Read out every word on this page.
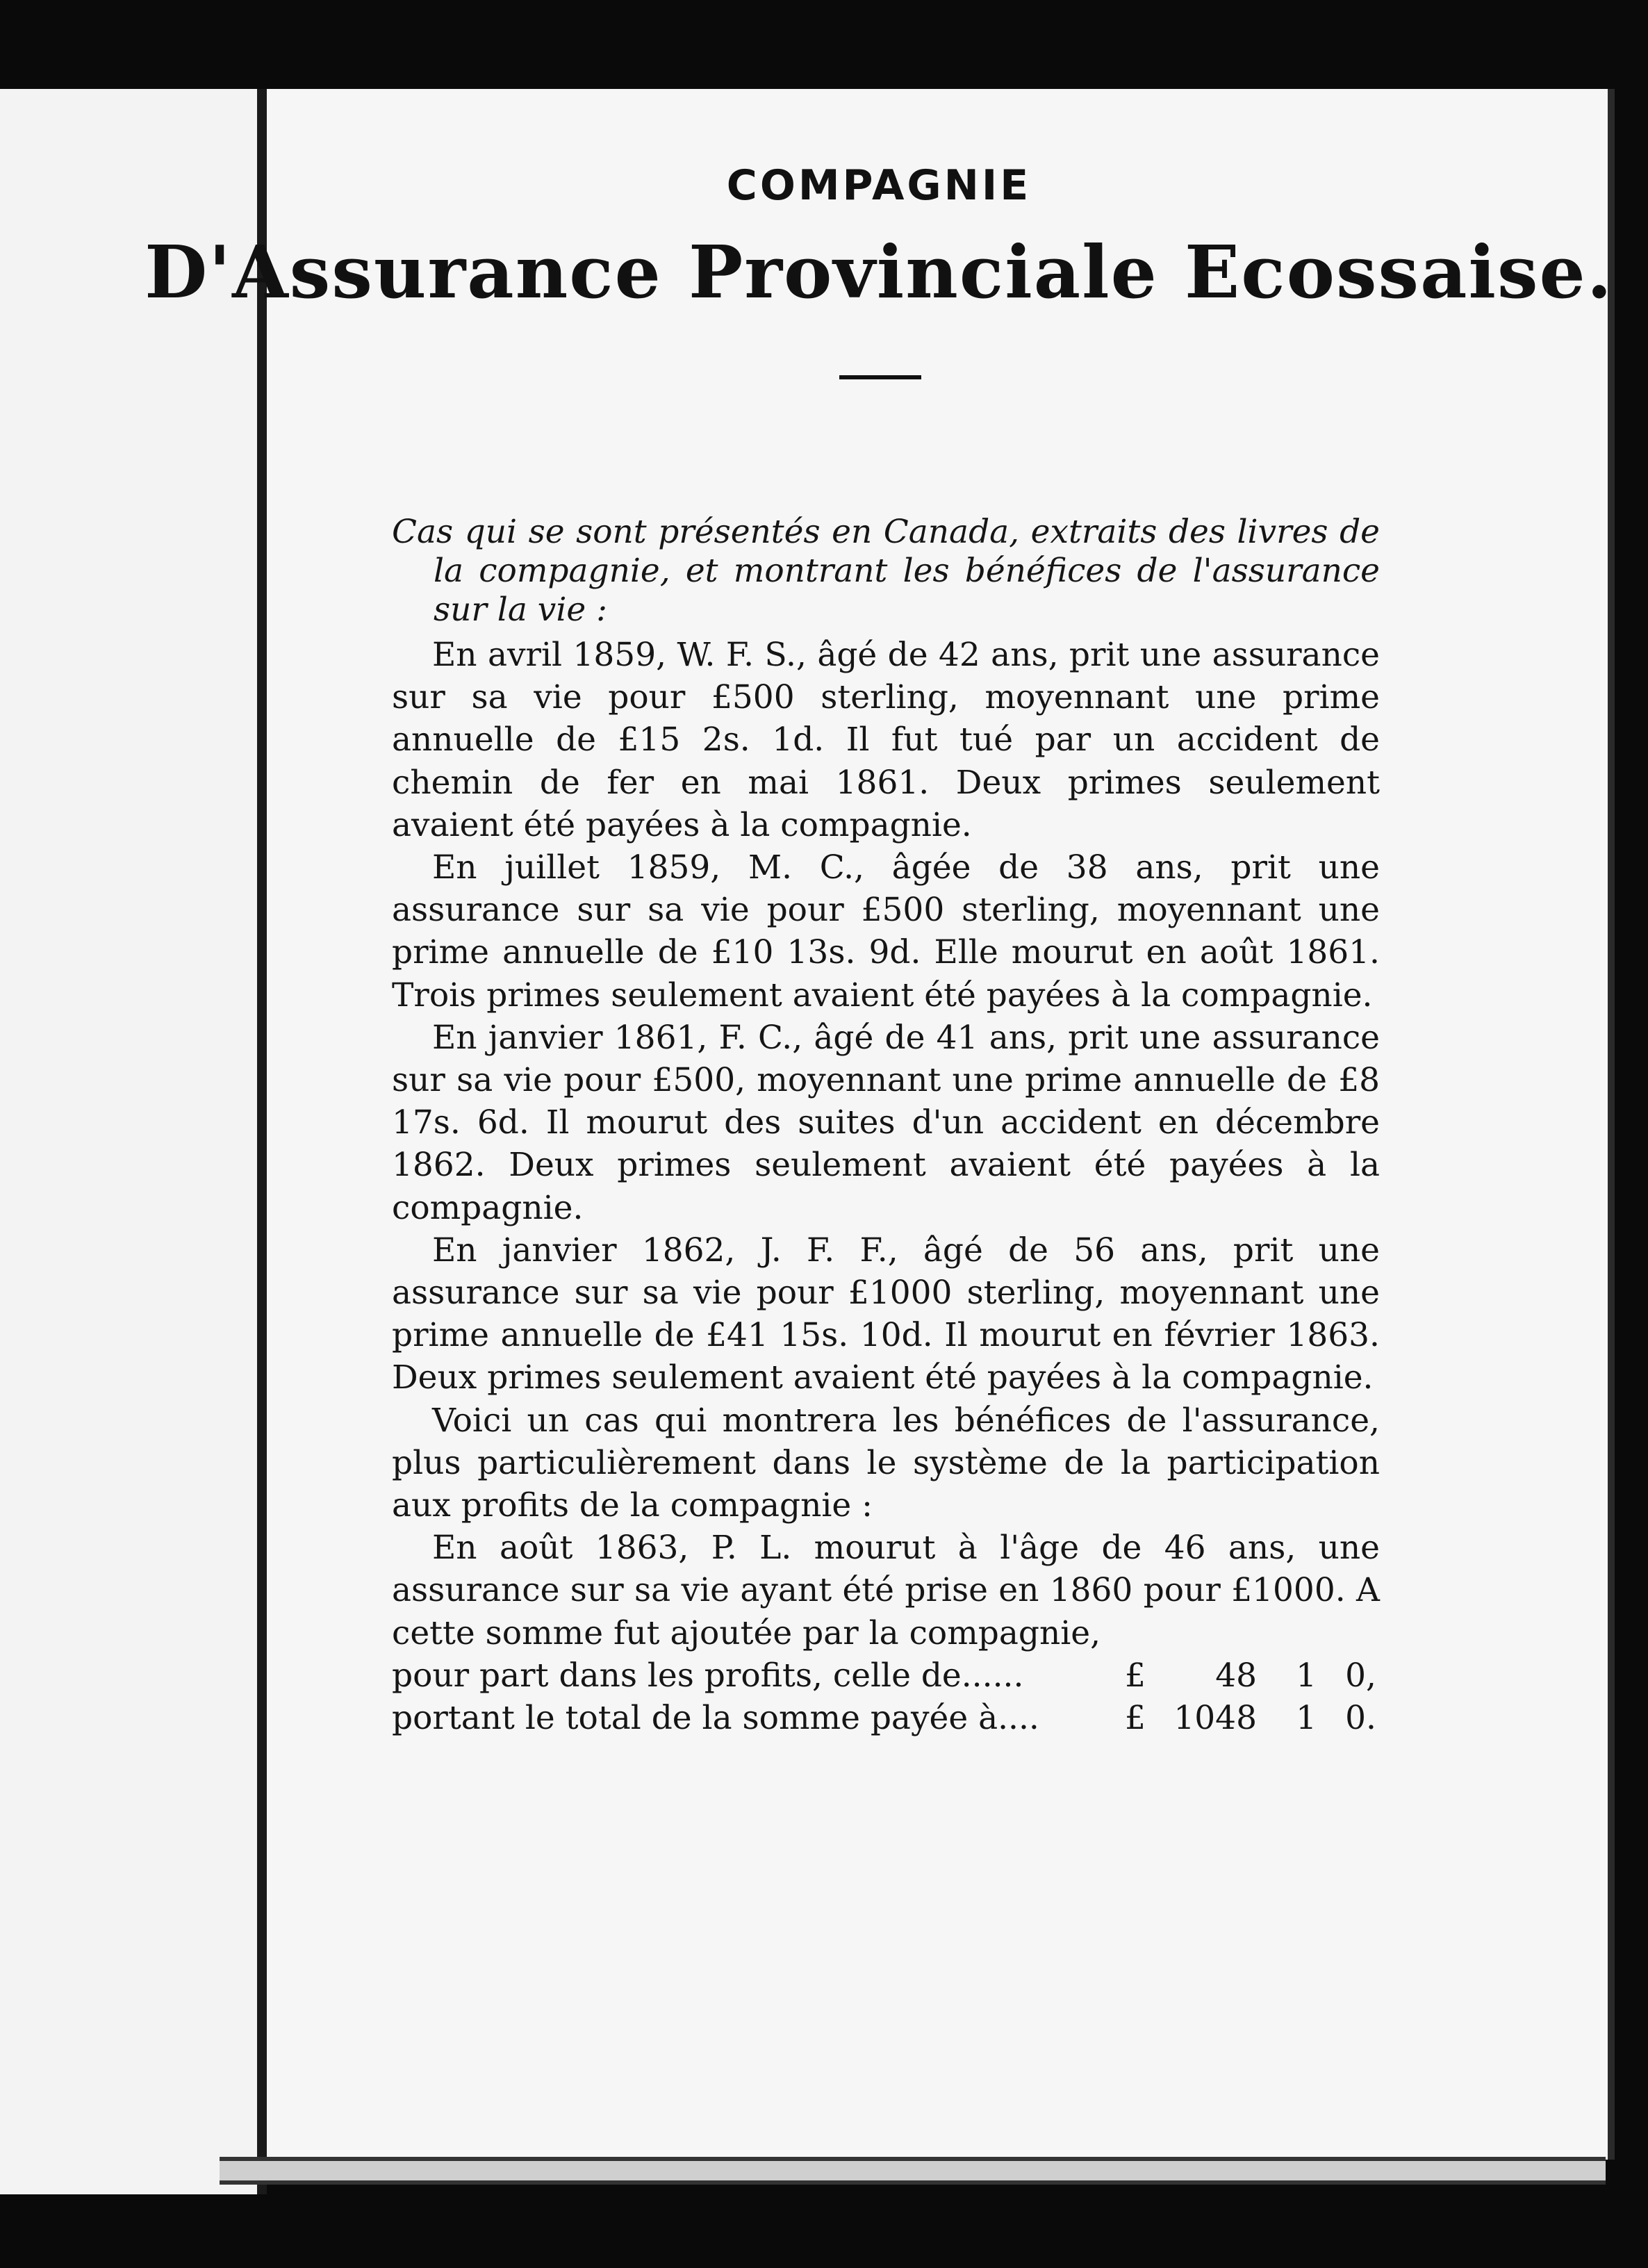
COMPAGNIE
D'Assurance Provinciale Ecossaise.

Cas qui se sont présentés en Canada, extraits des livres de la compagnie, et montrant les bénéfices de l'assurance sur la vie :

En avril 1859, W. F. S., âgé de 42 ans, prit une assurance sur sa vie pour £500 sterling, moyennant une prime annuelle de £15 2s. 1d. Il fut tué par un accident de chemin de fer en mai 1861. Deux primes seulement avaient été payées à la compagnie.

En juillet 1859, M. C., âgée de 38 ans, prit une assurance sur sa vie pour £500 sterling, moyennant une prime annuelle de £10 13s. 9d. Elle mourut en août 1861. Trois primes seulement avaient été payées à la compagnie.

En janvier 1861, F. C., âgé de 41 ans, prit une assurance sur sa vie pour £500, moyennant une prime annuelle de £8 17s. 6d. Il mourut des suites d'un accident en décembre 1862. Deux primes seulement avaient été payées à la compagnie.

En janvier 1862, J. F. F., âgé de 56 ans, prit une assurance sur sa vie pour £1000 sterling, moyennant une prime annuelle de £41 15s. 10d. Il mourut en février 1863. Deux primes seulement avaient été payées à la compagnie.

Voici un cas qui montrera les bénéfices de l'assurance, plus particulièrement dans le système de la participation aux profits de la compagnie :

En août 1863, P. L. mourut à l'âge de 46 ans, une assurance sur sa vie ayant été prise en 1860 pour £1000. A cette somme fut ajoutée par la compagnie,

pour part dans les profits, celle de......	£	48	1 0,
portant le total de la somme payée à....	£ 1048	1 0.
